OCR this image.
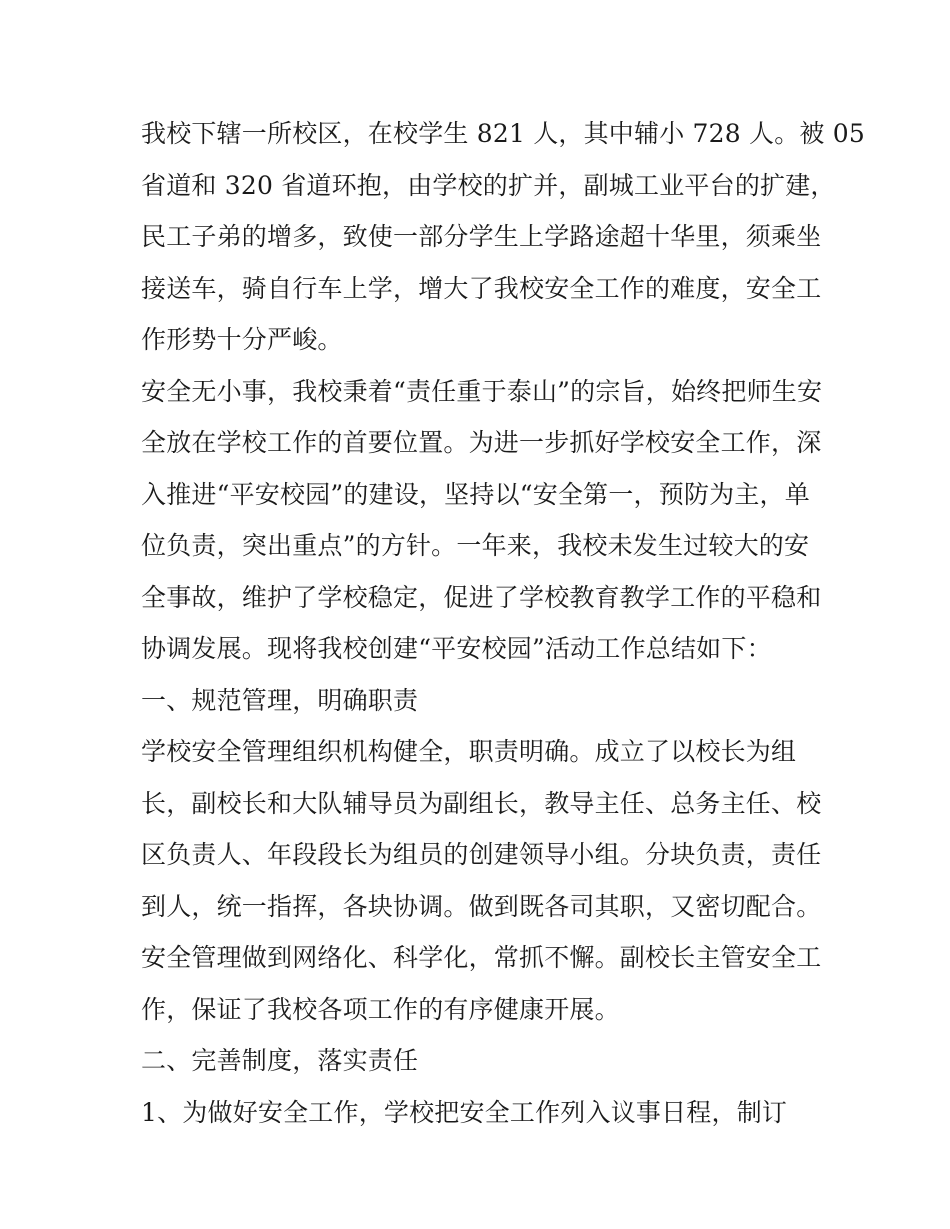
我校下辖一所校区，在校学生 821 人，其中辅小 728 人。被 05
省道和 320 省道环抱，由学校的扩并，副城工业平台的扩建，
民工子弟的增多，致使一部分学生上学路途超十华里，须乘坐
接送车，骑自行车上学，增大了我校安全工作的难度，安全工
作形势十分严峻。
安全无小事，我校秉着“责任重于泰山”的宗旨，始终把师生安
全放在学校工作的首要位置。为进一步抓好学校安全工作，深
入推进“平安校园”的建设，坚持以“安全第一，预防为主，单
位负责，突出重点”的方针。一年来，我校未发生过较大的安
全事故，维护了学校稳定，促进了学校教育教学工作的平稳和
协调发展。现将我校创建“平安校园”活动工作总结如下：
一、规范管理，明确职责
学校安全管理组织机构健全，职责明确。成立了以校长为组
长，副校长和大队辅导员为副组长，教导主任、总务主任、校
区负责人、年段段长为组员的创建领导小组。分块负责，责任
到人，统一指挥，各块协调。做到既各司其职，又密切配合。
安全管理做到网络化、科学化，常抓不懈。副校长主管安全工
作，保证了我校各项工作的有序健康开展。
二、完善制度，落实责任
1、为做好安全工作，学校把安全工作列入议事日程，制订
